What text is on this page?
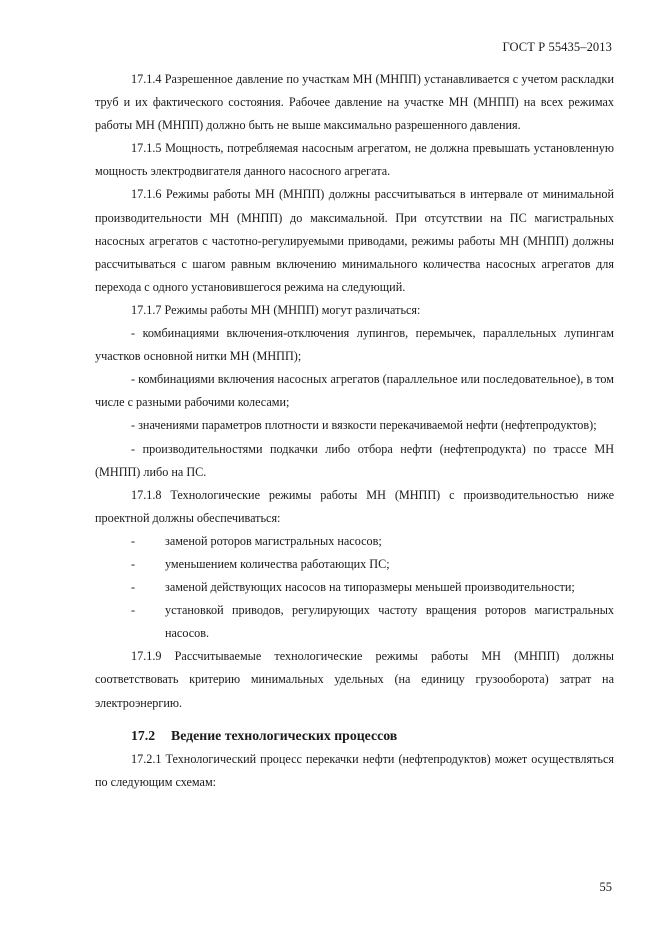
ГОСТ Р 55435–2013

17.1.4 Разрешенное давление по участкам МН (МНПП) устанавливается с учетом раскладки труб и их фактического состояния. Рабочее давление на участке МН (МНПП) на всех режимах работы МН (МНПП) должно быть не выше максимально разрешенного давления.

17.1.5 Мощность, потребляемая насосным агрегатом, не должна превышать установленную мощность электродвигателя данного насосного агрегата.

17.1.6 Режимы работы МН (МНПП) должны рассчитываться в интервале от минимальной производительности МН (МНПП) до максимальной. При отсутствии на ПС магистральных насосных агрегатов с частотно-регулируемыми приводами, режимы работы МН (МНПП) должны рассчитываться с шагом равным включению минимального количества насосных агрегатов для перехода с одного установившегося режима на следующий.

17.1.7 Режимы работы МН (МНПП) могут различаться:

- комбинациями включения-отключения лупингов, перемычек, параллельных лупингам участков основной нитки МН (МНПП);

- комбинациями включения насосных агрегатов (параллельное или последовательное), в том числе с разными рабочими колесами;

- значениями параметров плотности и вязкости перекачиваемой нефти (нефтепродуктов);

- производительностями подкачки либо отбора нефти (нефтепродукта) по трассе МН (МНПП) либо на ПС.

17.1.8 Технологические режимы работы МН (МНПП) с производительностью ниже проектной должны обеспечиваться:

- заменой роторов магистральных насосов;

- уменьшением количества работающих ПС;

- заменой действующих насосов на типоразмеры меньшей производительности;

- установкой приводов, регулирующих частоту вращения роторов магистральных насосов.

17.1.9 Рассчитываемые технологические режимы работы МН (МНПП) должны соответствовать критерию минимальных удельных (на единицу грузооборота) затрат на электроэнергию.

17.2 Ведение технологических процессов

17.2.1 Технологический процесс перекачки нефти (нефтепродуктов) может осуществляться по следующим схемам:

55
